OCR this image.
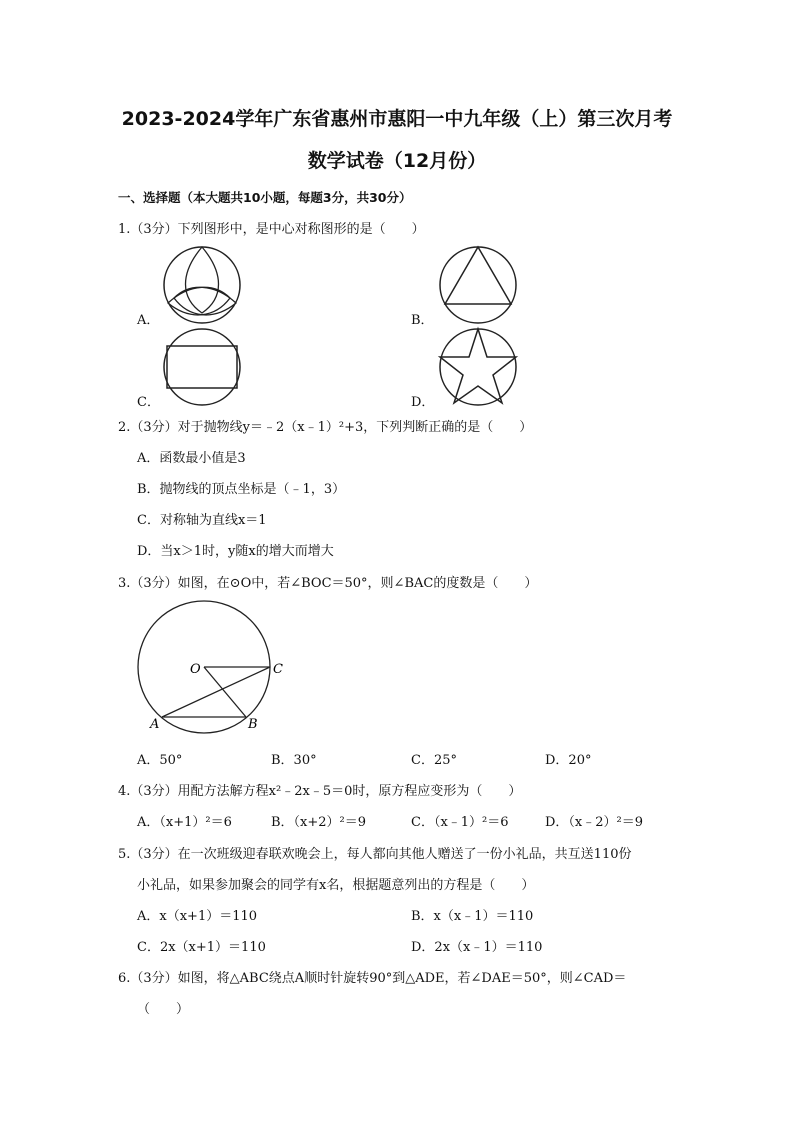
2023-2024学年广东省惠州市惠阳一中九年级（上）第三次月考
数学试卷（12月份）
一、选择题（本大题共10小题，每题3分，共30分）
1.（3分）下列图形中，是中心对称图形的是（　　）
A．	B．
C．	D．
2.（3分）对于抛物线y＝﹣2（x﹣1）²+3，下列判断正确的是（　　）
A．函数最小值是3
B．抛物线的顶点坐标是（﹣1，3）
C．对称轴为直线x＝1
D．当x＞1时，y随x的增大而增大
3.（3分）如图，在⊙O中，若∠BOC＝50°，则∠BAC的度数是（　　）
O	C
A	B
A．50°	B．30°	C．25°	D．20°
4.（3分）用配方法解方程x²﹣2x﹣5＝0时，原方程应变形为（　　）
A．（x+1）²＝6	B．（x+2）²＝9	C．（x﹣1）²＝6	D．（x﹣2）²＝9
5.（3分）在一次班级迎春联欢晚会上，每人都向其他人赠送了一份小礼品，共互送110份
小礼品，如果参加聚会的同学有x名，根据题意列出的方程是（　　）
A．x（x+1）＝110	B．x（x﹣1）＝110
C．2x（x+1）＝110	D．2x（x﹣1）＝110
6.（3分）如图，将△ABC绕点A顺时针旋转90°到△ADE，若∠DAE＝50°，则∠CAD＝
（　　）
